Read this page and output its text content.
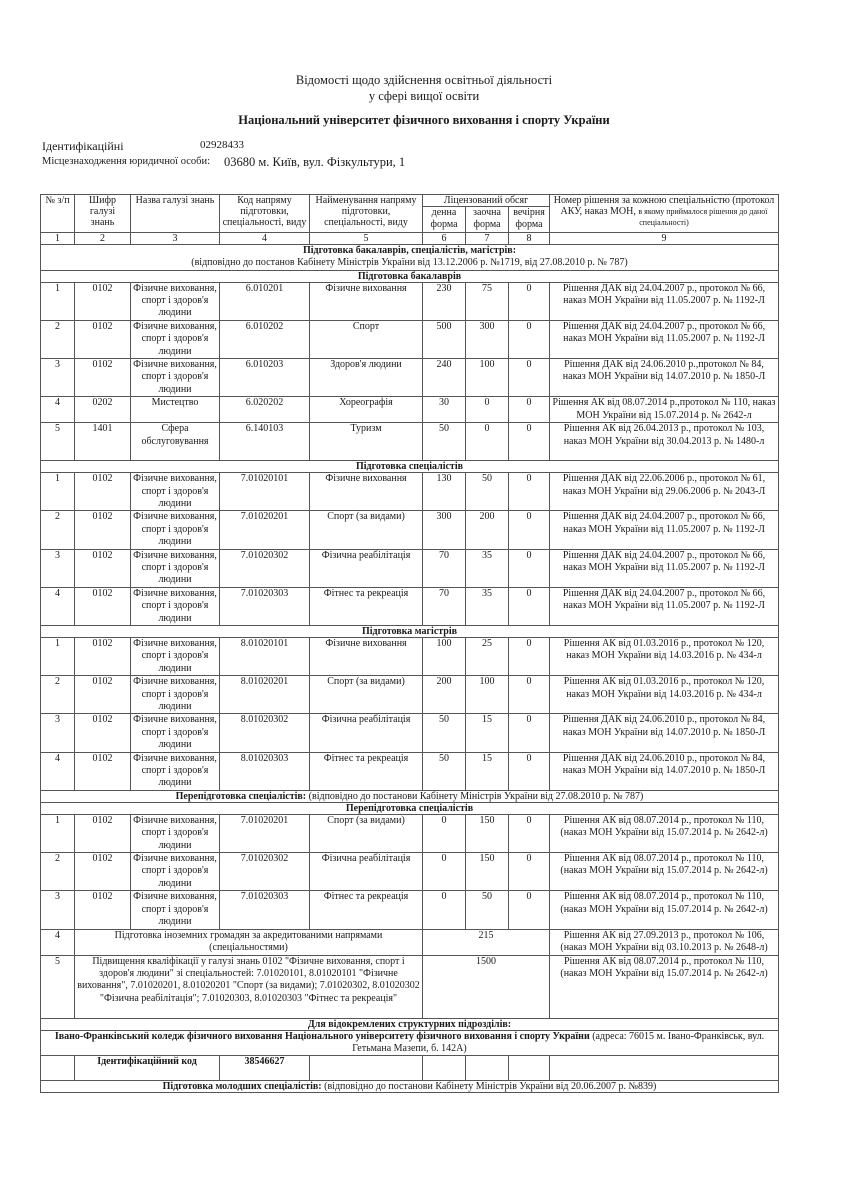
Відомості щодо здійснення освітньої діяльності
у сфері вищої освіти
Національний університет фізичного виховання і спорту України
Ідентифікаційні	02928433
Місцезнаходження юридичної особи: 03680 м. Київ, вул. Фізкультури, 1
№ з/п	Шифр галузі знань	Назва галузі знань	Код напряму підготовки, спеціальності, виду	Найменування напряму підготовки, спеціальності, виду	Ліцензований обсяг			Номер рішення за кожною спеціальністю (протокол АКУ, наказ МОН, в якому приймалося рішення до даної спеціальності)
					денна форма	заочна форма	вечірня форма	
1	2	3	4	5	6	7	8	9

Підготовка бакалаврів, спеціалістів, магістрів:
(відповідно до постанов Кабінету Міністрів України від 13.12.2006 р. №1719, від 27.08.2010 р. № 787)								

Підготовка бакалаврів								
1	0102	Фізичне виховання, спорт і здоров'я людини	6.010201	Фізичне виховання	230	75	0	Рішення ДАК від 24.04.2007 р., протокол № 66, наказ МОН України від 11.05.2007 р. № 1192-Л
2	0102	Фізичне виховання, спорт і здоров'я людини	6.010202	Спорт	500	300	0	Рішення ДАК від 24.04.2007 р., протокол № 66, наказ МОН України від 11.05.2007 р. № 1192-Л
3	0102	Фізичне виховання, спорт і здоров'я людини	6.010203	Здоров'я людини	240	100	0	Рішення ДАК від 24.06.2010 р.,протокол № 84, наказ МОН України від 14.07.2010 р. № 1850-Л
4	0202	Мистецтво	6.020202	Хореографія	30	0	0	Рішення АК від 08.07.2014 р.,протокол № 110, наказ МОН України від 15.07.2014 р. № 2642-л
5	1401	Сфера обслуговування	6.140103	Туризм	50	0	0	Рішення АК від 26.04.2013 р., протокол № 103, наказ МОН України від 30.04.2013 р. № 1480-л
Підготовка спеціалістів								
1	0102	Фізичне виховання, спорт і здоров'я людини	7.01020101	Фізичне виховання	130	50	0	Рішення ДАК від 22.06.2006 р., протокол № 61, наказ МОН України від 29.06.2006 р. № 2043-Л
2	0102	Фізичне виховання, спорт і здоров'я людини	7.01020201	Спорт (за видами)	300	200	0	Рішення ДАК від 24.04.2007 р., протокол № 66, наказ МОН України від 11.05.2007 р. № 1192-Л
3	0102	Фізичне виховання, спорт і здоров'я людини	7.01020302	Фізична реабілітація	70	35	0	Рішення ДАК від 24.04.2007 р., протокол № 66, наказ МОН України від 11.05.2007 р. № 1192-Л
4	0102	Фізичне виховання, спорт і здоров'я людини	7.01020303	Фітнес та рекреація	70	35	0	Рішення ДАК від 24.04.2007 р., протокол № 66, наказ МОН України від 11.05.2007 р. № 1192-Л
Підготовка магістрів								
1	0102	Фізичне виховання, спорт і здоров'я людини	8.01020101	Фізичне виховання	100	25	0	Рішення АК від 01.03.2016 р., протокол № 120, наказ МОН України від 14.03.2016 р. № 434-л
2	0102	Фізичне виховання, спорт і здоров'я людини	8.01020201	Спорт (за видами)	200	100	0	Рішення АК від 01.03.2016 р., протокол № 120, наказ МОН України від 14.03.2016 р. № 434-л
3	0102	Фізичне виховання, спорт і здоров'я людини	8.01020302	Фізична реабілітація	50	15	0	Рішення ДАК від 24.06.2010 р., протокол № 84, наказ МОН України від 14.07.2010 р. № 1850-Л
4	0102	Фізичне виховання, спорт і здоров'я людини	8.01020303	Фітнес та рекреація	50	15	0	Рішення ДАК від 24.06.2010 р., протокол № 84, наказ МОН України від 14.07.2010 р. № 1850-Л
Перепідготовка спеціалістів: (відповідно до постанови Кабінету Міністрів України від 27.08.2010 р. № 787)								
Перепідготовка спеціалістів								
1	0102	Фізичне виховання, спорт і здоров'я людини	7.01020201	Спорт (за видами)	0	150	0	Рішення АК від 08.07.2014 р., протокол № 110, (наказ МОН України від 15.07.2014 р. № 2642-л)
2	0102	Фізичне виховання, спорт і здоров'я людини	7.01020302	Фізична реабілітація	0	150	0	Рішення АК від 08.07.2014 р., протокол № 110, (наказ МОН України від 15.07.2014 р. № 2642-л)
3	0102	Фізичне виховання, спорт і здоров'я людини	7.01020303	Фітнес та рекреація	0	50	0	Рішення АК від 08.07.2014 р., протокол № 110, (наказ МОН України від 15.07.2014 р. № 2642-л)
4	Підготовка іноземних громадян за акредитованими напрямами (спеціальностями)				215			Рішення АК від 27.09.2013 р., протокол № 106, (наказ МОН України від 03.10.2013 р. № 2648-л)
5	Підвищення кваліфікації у галузі знань 0102 "Фізичне виховання, спорт і здоров'я людини" зі спеціальностей: 7.01020101, 8.01020101 "Фізичне виховання", 7.01020201, 8.01020201 "Спорт (за видами); 7.01020302, 8.01020302 "Фізична реабілітація"; 7.01020303, 8.01020303 "Фітнес та рекреація"				1500			Рішення АК від 08.07.2014 р., протокол № 110, (наказ МОН України від 15.07.2014 р. № 2642-л)
Для відокремлених структурних підрозділів:								
Івано-Франківський коледж фізичного виховання Національного університету фізичного виховання і спорту України (адреса: 76015 м. Івано-Франківськ, вул. Гетьмана Мазепи, б. 142А)								
	Ідентифікаційний код		38546627					
Підготовка молодших спеціалістів: (відповідно до постанови Кабінету Міністрів України від 20.06.2007 р. №839)								
